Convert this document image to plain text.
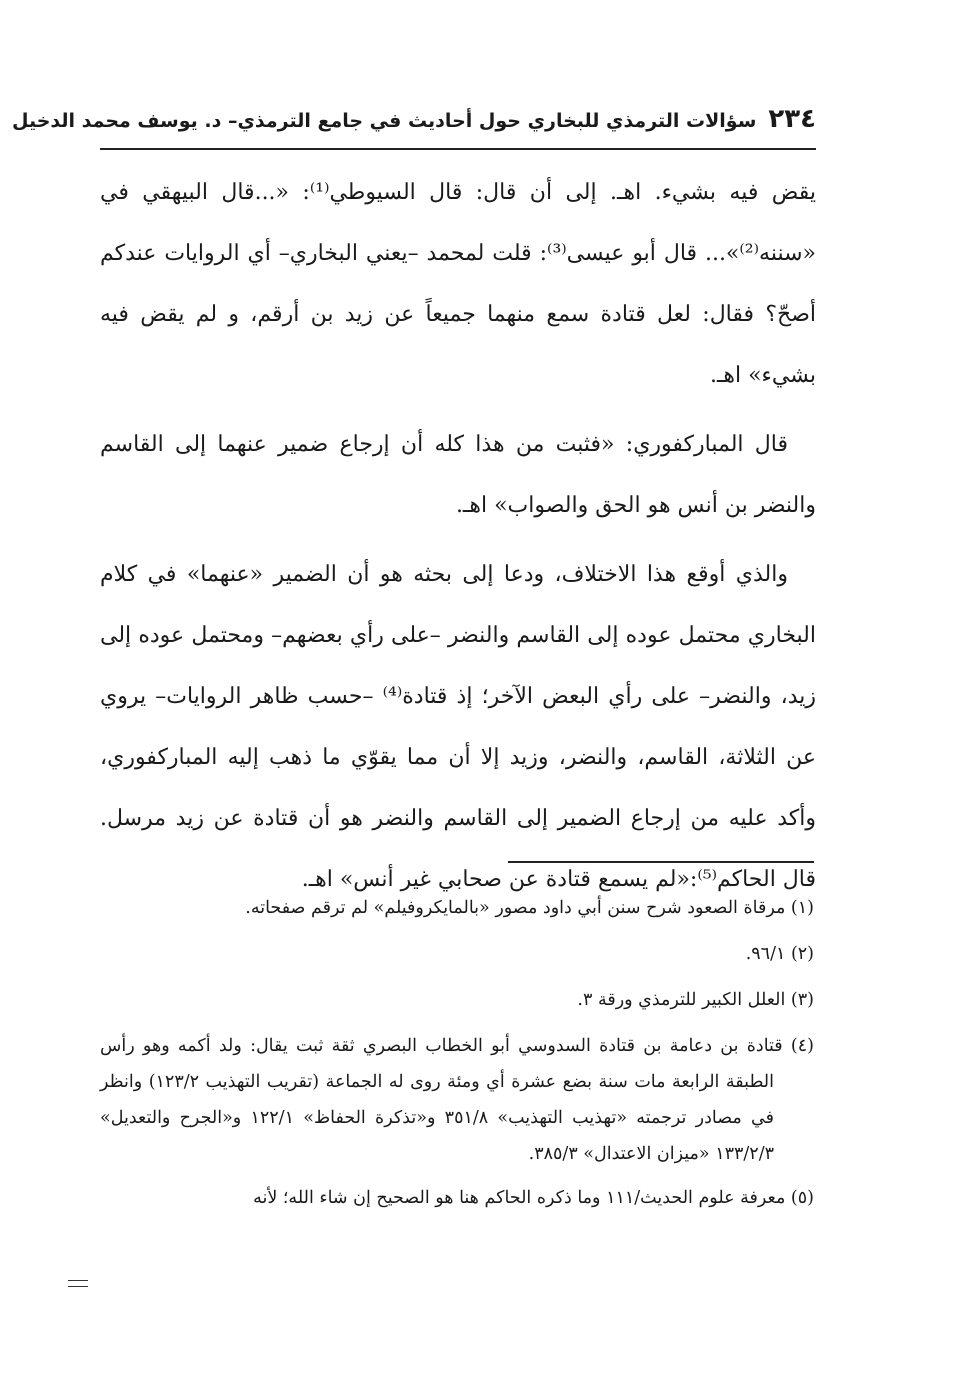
٢٣٤
سؤالات الترمذي للبخاري حول أحاديث في جامع الترمذي– د. يوسف محمد الدخيل

يقض فيه بشيء. اهـ. إلى أن قال: قال السيوطي⁽¹⁾: «...قال البيهقي في «سننه⁽²⁾»... قال أبو عيسى⁽³⁾: قلت لمحمد –يعني البخاري– أي الروايات عندكم أصحّ؟ فقال: لعل قتادة سمع منهما جميعاً عن زيد بن أرقم، و لم يقض فيه بشيء» اهـ.

قال المباركفوري: «فثبت من هذا كله أن إرجاع ضمير عنهما إلى القاسم والنضر بن أنس هو الحق والصواب» اهـ.

والذي أوقع هذا الاختلاف، ودعا إلى بحثه هو أن الضمير «عنهما» في كلام البخاري محتمل عوده إلى القاسم والنضر –على رأي بعضهم– ومحتمل عوده إلى زيد، والنضر– على رأي البعض الآخر؛ إذ قتادة⁽⁴⁾ –حسب ظاهر الروايات– يروي عن الثلاثة، القاسم، والنضر، وزيد إلا أن مما يقوّي ما ذهب إليه المباركفوري، وأكد عليه من إرجاع الضمير إلى القاسم والنضر هو أن قتادة عن زيد مرسل. قال الحاكم⁽⁵⁾:«لم يسمع قتادة عن صحابي غير أنس» اهـ.

(١) مرقاة الصعود شرح سنن أبي داود مصور «بالمايكروفيلم» لم ترقم صفحاته.

(٢) ٩٦/١.

(٣) العلل الكبير للترمذي ورقة ٣.

(٤) قتادة بن دعامة بن قتادة السدوسي أبو الخطاب البصري ثقة ثبت يقال: ولد أكمه وهو رأس الطبقة الرابعة مات سنة بضع عشرة أي ومئة روى له الجماعة (تقريب التهذيب ١٢٣/٢) وانظر في مصادر ترجمته «تهذيب التهذيب» ٣٥١/٨ و«تذكرة الحفاظ» ١٢٢/١ و«الجرح والتعديل» ١٣٣/٢/٣ «ميزان الاعتدال» ٣٨٥/٣.

(٥) معرفة علوم الحديث/١١١ وما ذكره الحاكم هنا هو الصحيح إن شاء الله؛ لأنه
